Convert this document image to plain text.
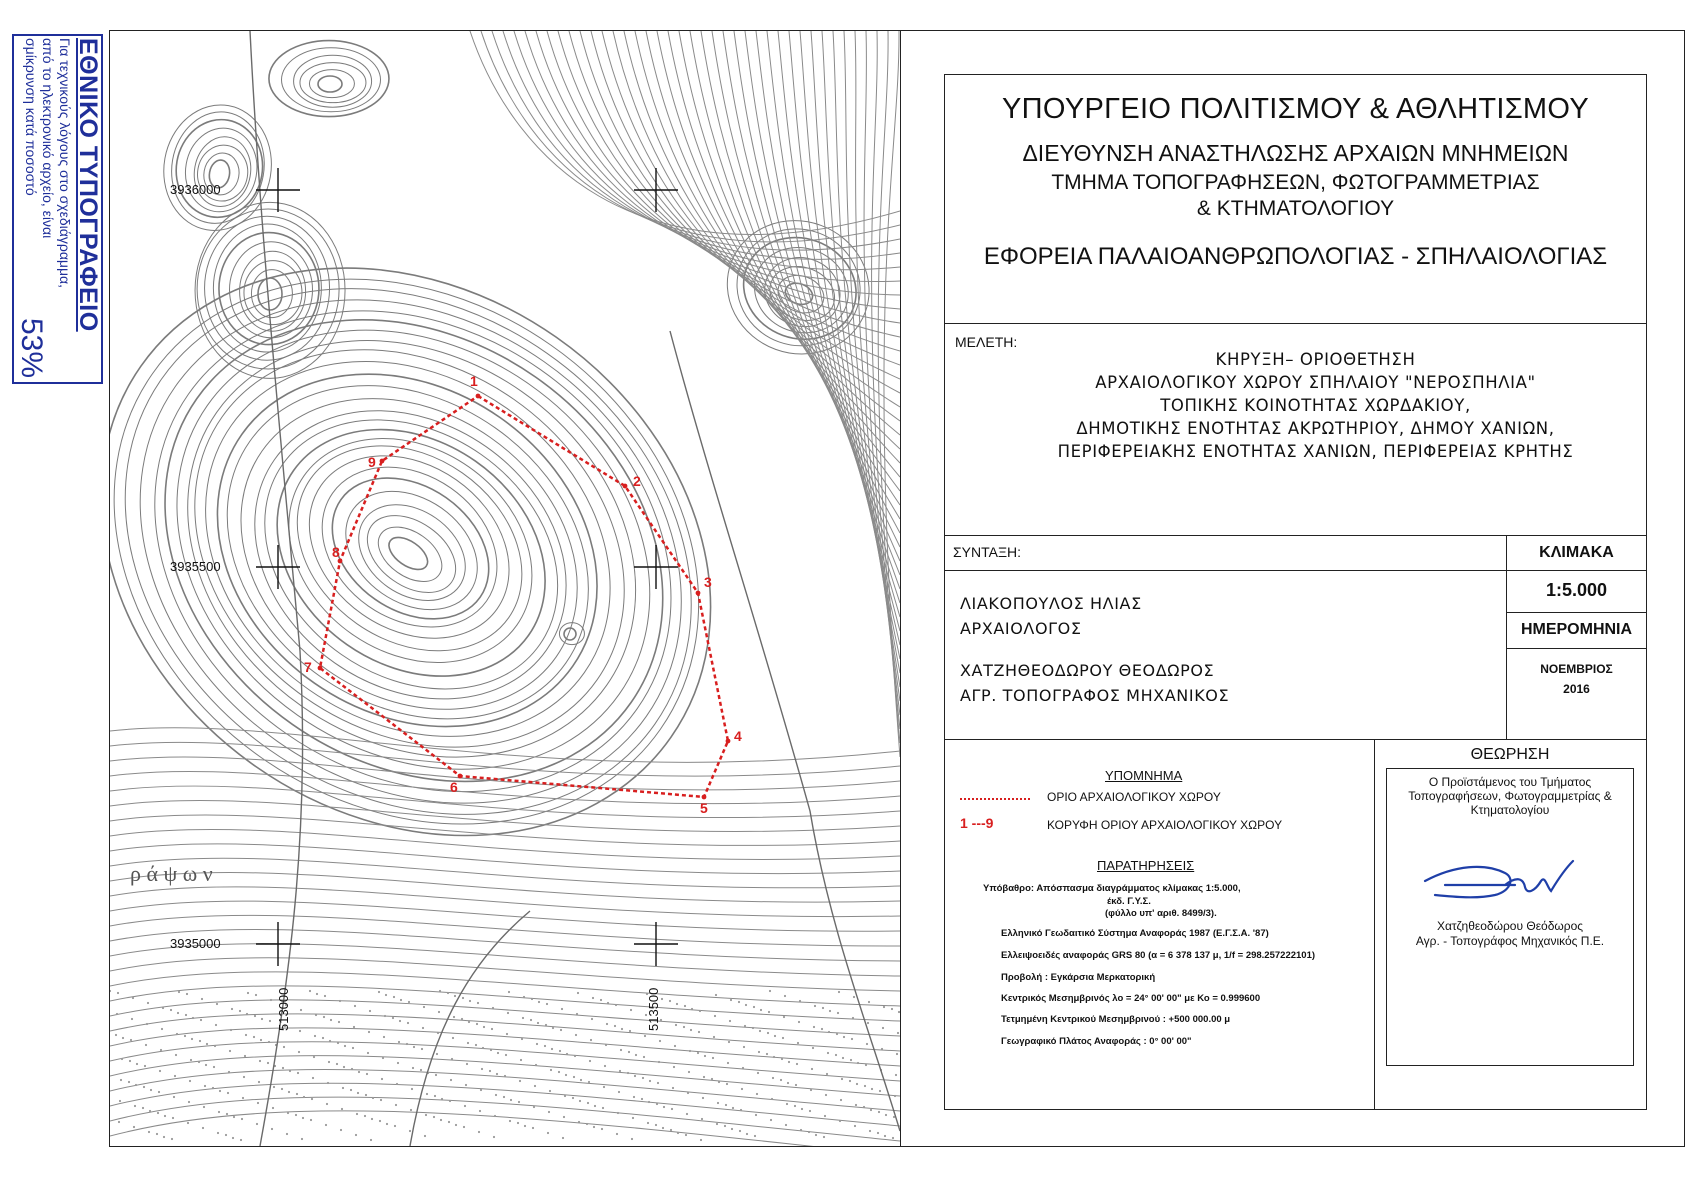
ΕΘΝΙΚΟ ΤΥΠΟΓΡΑΦΕΙΟ
Για τεχνικούς λόγους στο σχεδιάγραμμα,
από το ηλεκτρονικό αρχείο, είναι
σμίκρυνση κατά ποσοστό
53%
3936000
3935500
3935000
513000	513500
ρ ά ψ ω ν
1
2
3
4
5
6
7
8
9
ΥΠΟΥΡΓΕΙΟ ΠΟΛΙΤΙΣΜΟΥ & ΑΘΛΗΤΙΣΜΟΥ
ΔΙΕΥΘΥΝΣΗ ΑΝΑΣΤΗΛΩΣΗΣ ΑΡΧΑΙΩΝ ΜΝΗΜΕΙΩΝ
ΤΜΗΜΑ ΤΟΠΟΓΡΑΦΗΣΕΩΝ, ΦΩΤΟΓΡΑΜΜΕΤΡΙΑΣ
& ΚΤΗΜΑΤΟΛΟΓΙΟΥ
ΕΦΟΡΕΙΑ ΠΑΛΑΙΟΑΝΘΡΩΠΟΛΟΓΙΑΣ - ΣΠΗΛΑΙΟΛΟΓΙΑΣ
ΜΕΛΕΤΗ:
ΚΗΡΥΞΗ– ΟΡΙΟΘΕΤΗΣΗ
ΑΡΧΑΙΟΛΟΓΙΚΟΥ ΧΩΡΟΥ ΣΠΗΛΑΙΟΥ "ΝΕΡΟΣΠΗΛΙΑ"
ΤΟΠΙΚΗΣ ΚΟΙΝΟΤΗΤΑΣ ΧΩΡΔΑΚΙΟΥ,
ΔΗΜΟΤΙΚΗΣ ΕΝΟΤΗΤΑΣ ΑΚΡΩΤΗΡΙΟΥ, ΔΗΜΟΥ ΧΑΝΙΩΝ,
ΠΕΡΙΦΕΡΕΙΑΚΗΣ ΕΝΟΤΗΤΑΣ ΧΑΝΙΩΝ, ΠΕΡΙΦΕΡΕΙΑΣ ΚΡΗΤΗΣ
ΣΥΝΤΑΞΗ:
ΛΙΑΚΟΠΟΥΛΟΣ ΗΛΙΑΣ
ΑΡΧΑΙΟΛΟΓΟΣ
ΧΑΤΖΗΘΕΟΔΩΡΟΥ ΘΕΟΔΩΡΟΣ
ΑΓΡ. ΤΟΠΟΓΡΑΦΟΣ ΜΗΧΑΝΙΚΟΣ
ΚΛΙΜΑΚΑ
1:5.000
ΗΜΕΡΟΜΗΝΙΑ
ΝΟΕΜΒΡΙΟΣ
2016
ΥΠΟΜΝΗΜΑ
ΟΡΙΟ ΑΡΧΑΙΟΛΟΓΙΚΟΥ ΧΩΡΟΥ
1 ---9	ΚΟΡΥΦΗ ΟΡΙΟΥ ΑΡΧΑΙΟΛΟΓΙΚΟΥ ΧΩΡΟΥ
ΠΑΡΑΤΗΡΗΣΕΙΣ
Υπόβαθρο: Απόσπασμα διαγράμματος κλίμακας 1:5.000,
έκδ. Γ.Υ.Σ.
(φύλλο υπ' αριθ. 8499/3).
Ελληνικό Γεωδαιτικό Σύστημα Αναφοράς 1987 (Ε.Γ.Σ.Α. '87)
Ελλειψοειδές αναφοράς GRS 80 (α = 6 378 137 μ, 1/f = 298.257222101)
Προβολή : Εγκάρσια Μερκατορική
Κεντρικός Μεσημβρινός λο = 24° 00' 00" με Κο = 0.999600
Τετμημένη Κεντρικού Μεσημβρινού : +500 000.00 μ
Γεωγραφικό Πλάτος Αναφοράς : 0° 00' 00"
ΘΕΩΡΗΣΗ
Ο Προϊστάμενος του Τμήματος Τοπογραφήσεων, Φωτογραμμετρίας & Κτηματολογίου
Χατζηθεοδώρου Θεόδωρος
Αγρ. - Τοπογράφος Μηχανικός Π.Ε.
